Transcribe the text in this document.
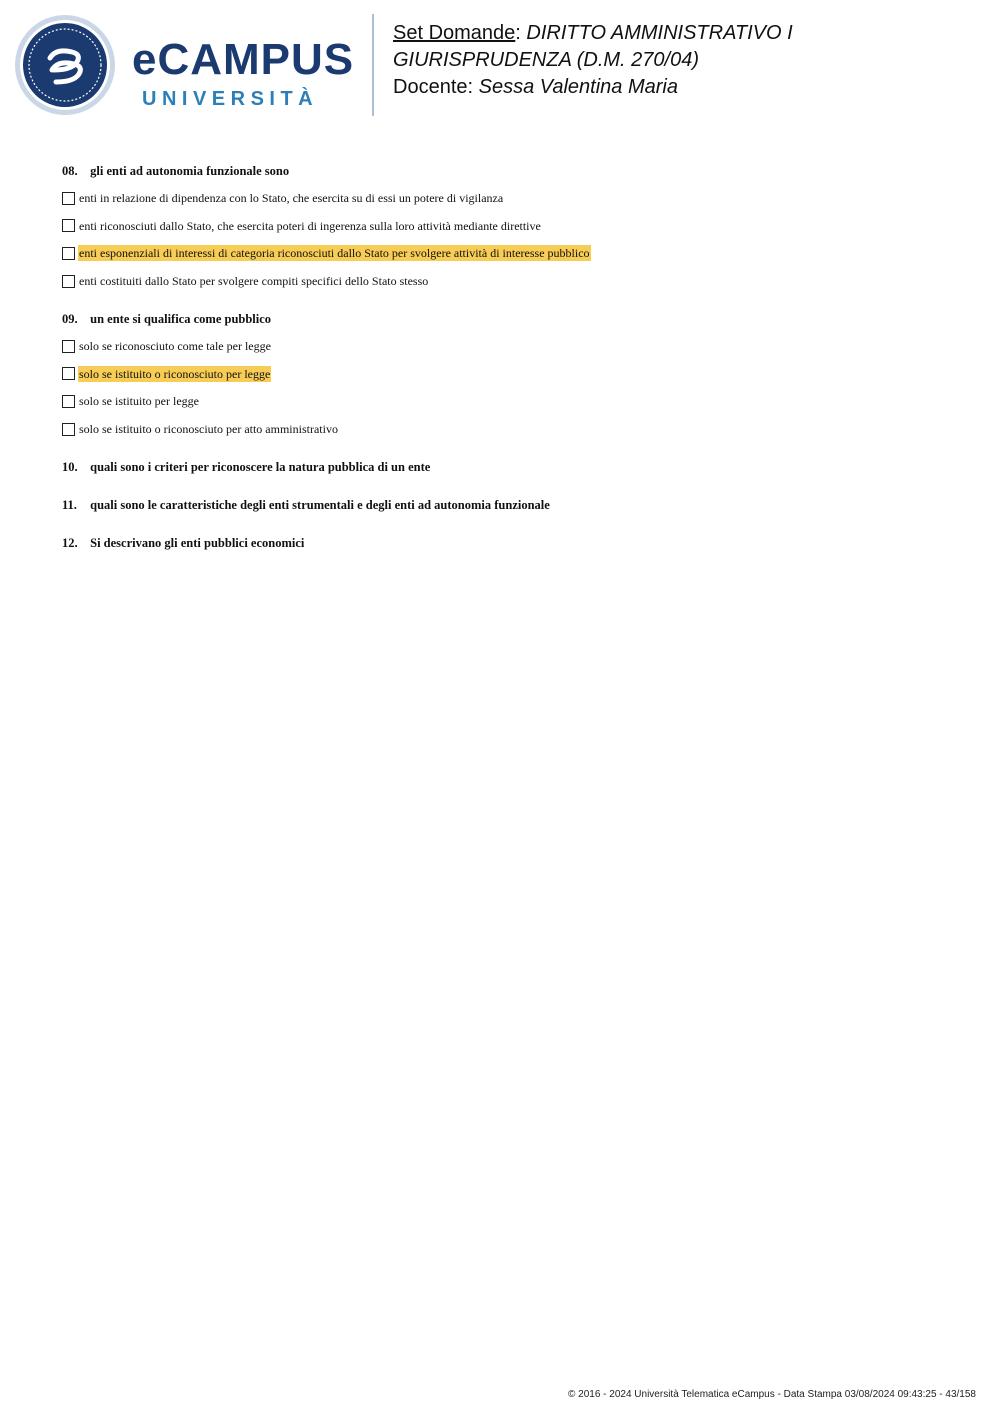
eCAMPUS
UNIVERSITÀ
Set Domande: DIRITTO AMMINISTRATIVO I
GIURISPRUDENZA (D.M. 270/04)
Docente: Sessa Valentina Maria
08. gli enti ad autonomia funzionale sono
enti in relazione di dipendenza con lo Stato, che esercita su di essi un potere di vigilanza
enti riconosciuti dallo Stato, che esercita poteri di ingerenza sulla loro attività mediante direttive
enti esponenziali di interessi di categoria riconosciuti dallo Stato per svolgere attività di interesse pubblico
enti costituiti dallo Stato per svolgere compiti specifici dello Stato stesso
09. un ente si qualifica come pubblico
solo se riconosciuto come tale per legge
solo se istituito o riconosciuto per legge
solo se istituito per legge
solo se istituito o riconosciuto per atto amministrativo
10. quali sono i criteri per riconoscere la natura pubblica di un ente
11. quali sono le caratteristiche degli enti strumentali e degli enti ad autonomia funzionale
12. Si descrivano gli enti pubblici economici
© 2016 - 2024 Università Telematica eCampus - Data Stampa 03/08/2024 09:43:25 - 43/158
